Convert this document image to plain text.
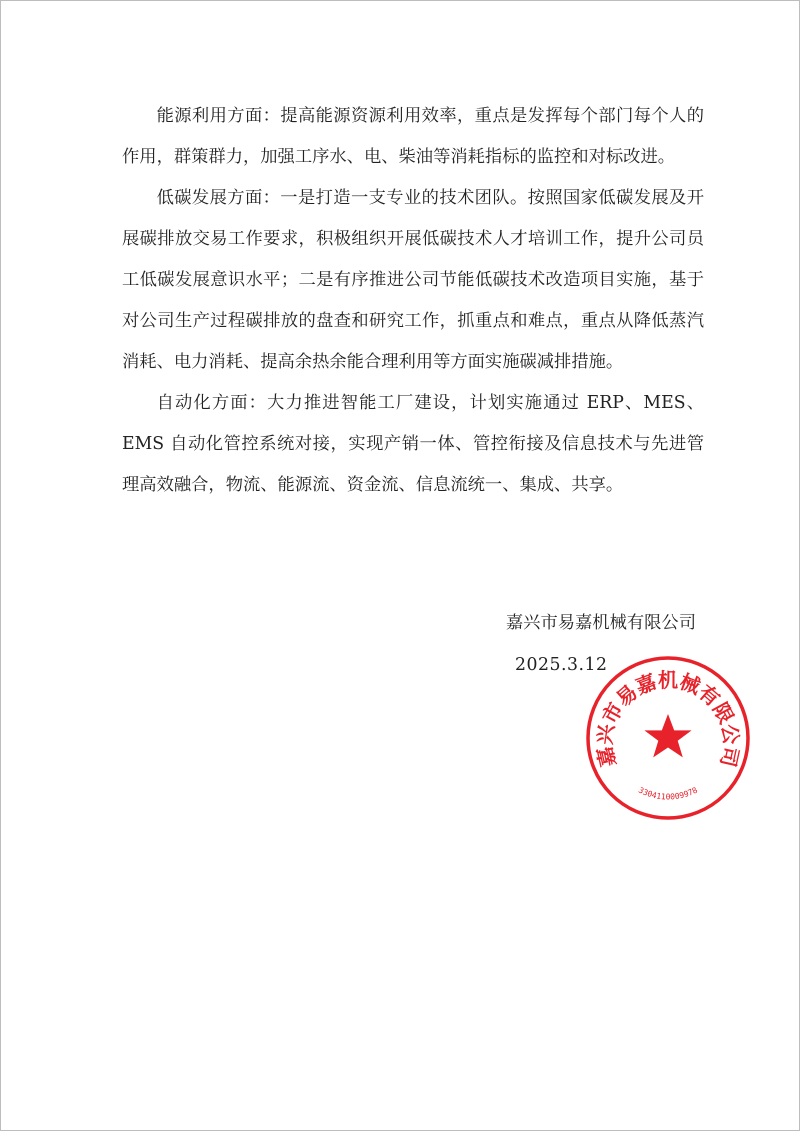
能源利用方面：提高能源资源利用效率，重点是发挥每个部门每个人的作用，群策群力，加强工序水、电、柴油等消耗指标的监控和对标改进。

低碳发展方面：一是打造一支专业的技术团队。按照国家低碳发展及开展碳排放交易工作要求，积极组织开展低碳技术人才培训工作，提升公司员工低碳发展意识水平；二是有序推进公司节能低碳技术改造项目实施，基于对公司生产过程碳排放的盘查和研究工作，抓重点和难点，重点从降低蒸汽消耗、电力消耗、提高余热余能合理利用等方面实施碳减排措施。

自动化方面：大力推进智能工厂建设，计划实施通过 ERP、MES、EMS 自动化管控系统对接，实现产销一体、管控衔接及信息技术与先进管理高效融合，物流、能源流、资金流、信息流统一、集成、共享。

嘉兴市易嘉机械有限公司
2025.3.12
嘉兴市易嘉机械有限公司
3304110009978
